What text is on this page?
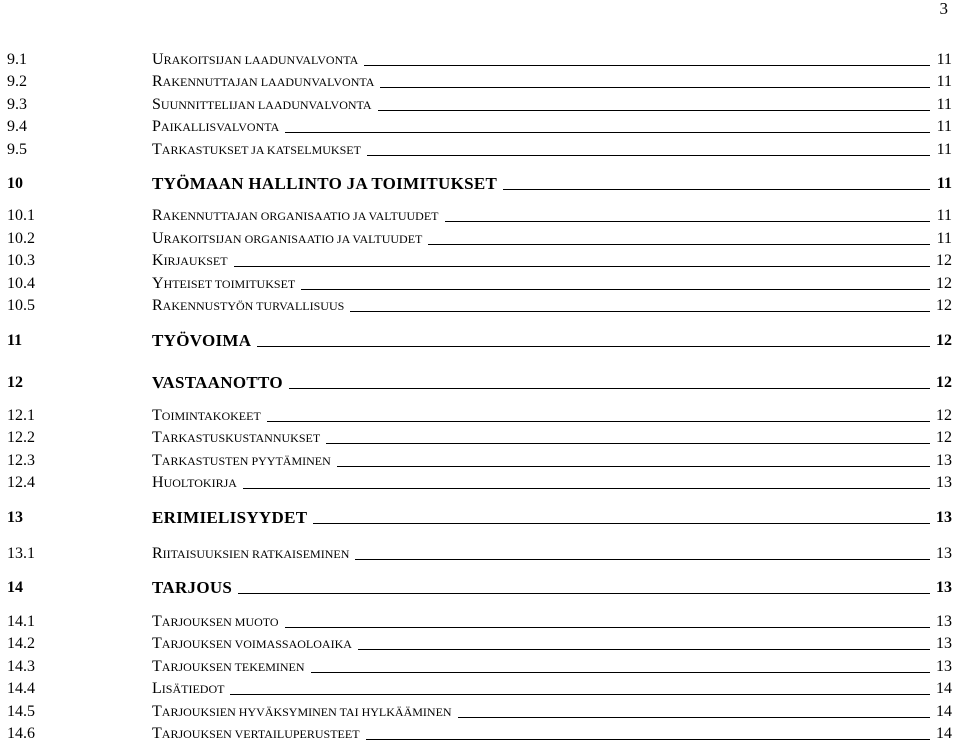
3
9.1	URAKOITSIJAN LAADUNVALVONTA	11
9.2	RAKENNUTTAJAN LAADUNVALVONTA	11
9.3	SUUNNITTELIJAN LAADUNVALVONTA	11
9.4	PAIKALLISVALVONTA	11
9.5	TARKASTUKSET JA KATSELMUKSET	11
10	TYÖMAAN HALLINTO JA TOIMITUKSET	11
10.1	RAKENNUTTAJAN ORGANISAATIO JA VALTUUDET	11
10.2	URAKOITSIJAN ORGANISAATIO JA VALTUUDET	11
10.3	KIRJAUKSET	12
10.4	YHTEISET TOIMITUKSET	12
10.5	RAKENNUSTYÖN TURVALLISUUS	12
11	TYÖVOIMA	12
12	VASTAANOTTO	12
12.1	TOIMINTAKOKEET	12
12.2	TARKASTUSKUSTANNUKSET	12
12.3	TARKASTUSTEN PYYTÄMINEN	13
12.4	HUOLTOKIRJA	13
13	ERIMIELISYYDET	13
13.1	RIITAISUUKSIEN RATKAISEMINEN	13
14	TARJOUS	13
14.1	TARJOUKSEN MUOTO	13
14.2	TARJOUKSEN VOIMASSAOLOAIKA	13
14.3	TARJOUKSEN TEKEMINEN	13
14.4	LISÄTIEDOT	14
14.5	TARJOUKSIEN HYVÄKSYMINEN TAI HYLKÄÄMINEN	14
14.6	TARJOUKSEN VERTAILUPERUSTEET	14
